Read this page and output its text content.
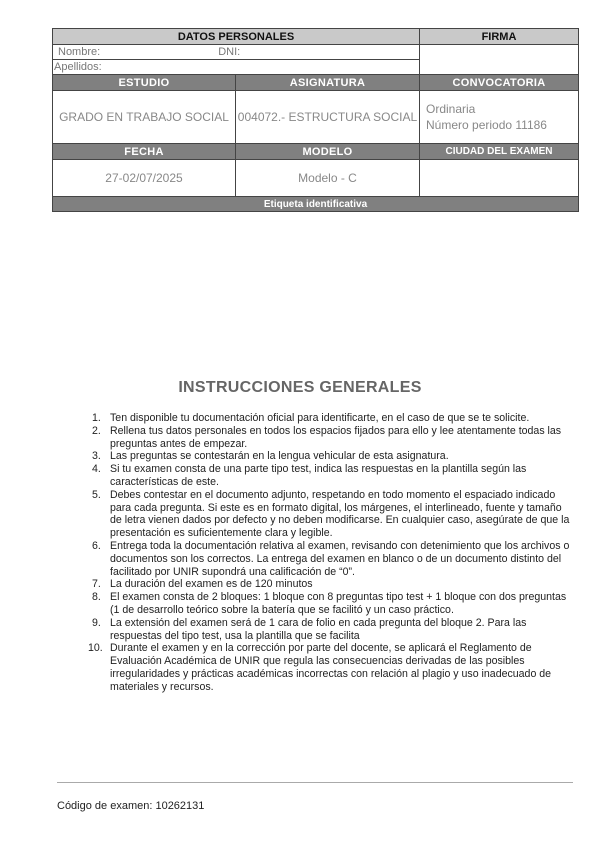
DATOS PERSONALES		FIRMA
Nombre: DNI:		
Apellidos:		
ESTUDIO	ASIGNATURA	CONVOCATORIA
GRADO EN TRABAJO SOCIAL	004072.- ESTRUCTURA SOCIAL	Ordinaria
Número periodo 11186

FECHA	MODELO	CIUDAD DEL EXAMEN
27-02/07/2025	Modelo - C	
Etiqueta identificativa		
INSTRUCCIONES GENERALES
1. Ten disponible tu documentación oficial para identificarte, en el caso de que se te solicite.
2. Rellena tus datos personales en todos los espacios fijados para ello y lee atentamente todas las preguntas antes de empezar.
3. Las preguntas se contestarán en la lengua vehicular de esta asignatura.
4. Si tu examen consta de una parte tipo test, indica las respuestas en la plantilla según las características de este.
5. Debes contestar en el documento adjunto, respetando en todo momento el espaciado indicado para cada pregunta. Si este es en formato digital, los márgenes, el interlineado, fuente y tamaño de letra vienen dados por defecto y no deben modificarse. En cualquier caso, asegúrate de que la presentación es suficientemente clara y legible.
6. Entrega toda la documentación relativa al examen, revisando con detenimiento que los archivos o documentos son los correctos. La entrega del examen en blanco o de un documento distinto del facilitado por UNIR supondrá una calificación de “0”.
7. La duración del examen es de 120 minutos
8. El examen consta de 2 bloques: 1 bloque con 8 preguntas tipo test + 1 bloque con dos preguntas (1 de desarrollo teórico sobre la batería que se facilitó y un caso práctico.
9. La extensión del examen será de 1 cara de folio en cada pregunta del bloque 2. Para las respuestas del tipo test, usa la plantilla que se facilita
10. Durante el examen y en la corrección por parte del docente, se aplicará el Reglamento de Evaluación Académica de UNIR que regula las consecuencias derivadas de las posibles irregularidades y prácticas académicas incorrectas con relación al plagio y uso inadecuado de materiales y recursos.
Código de examen: 10262131
